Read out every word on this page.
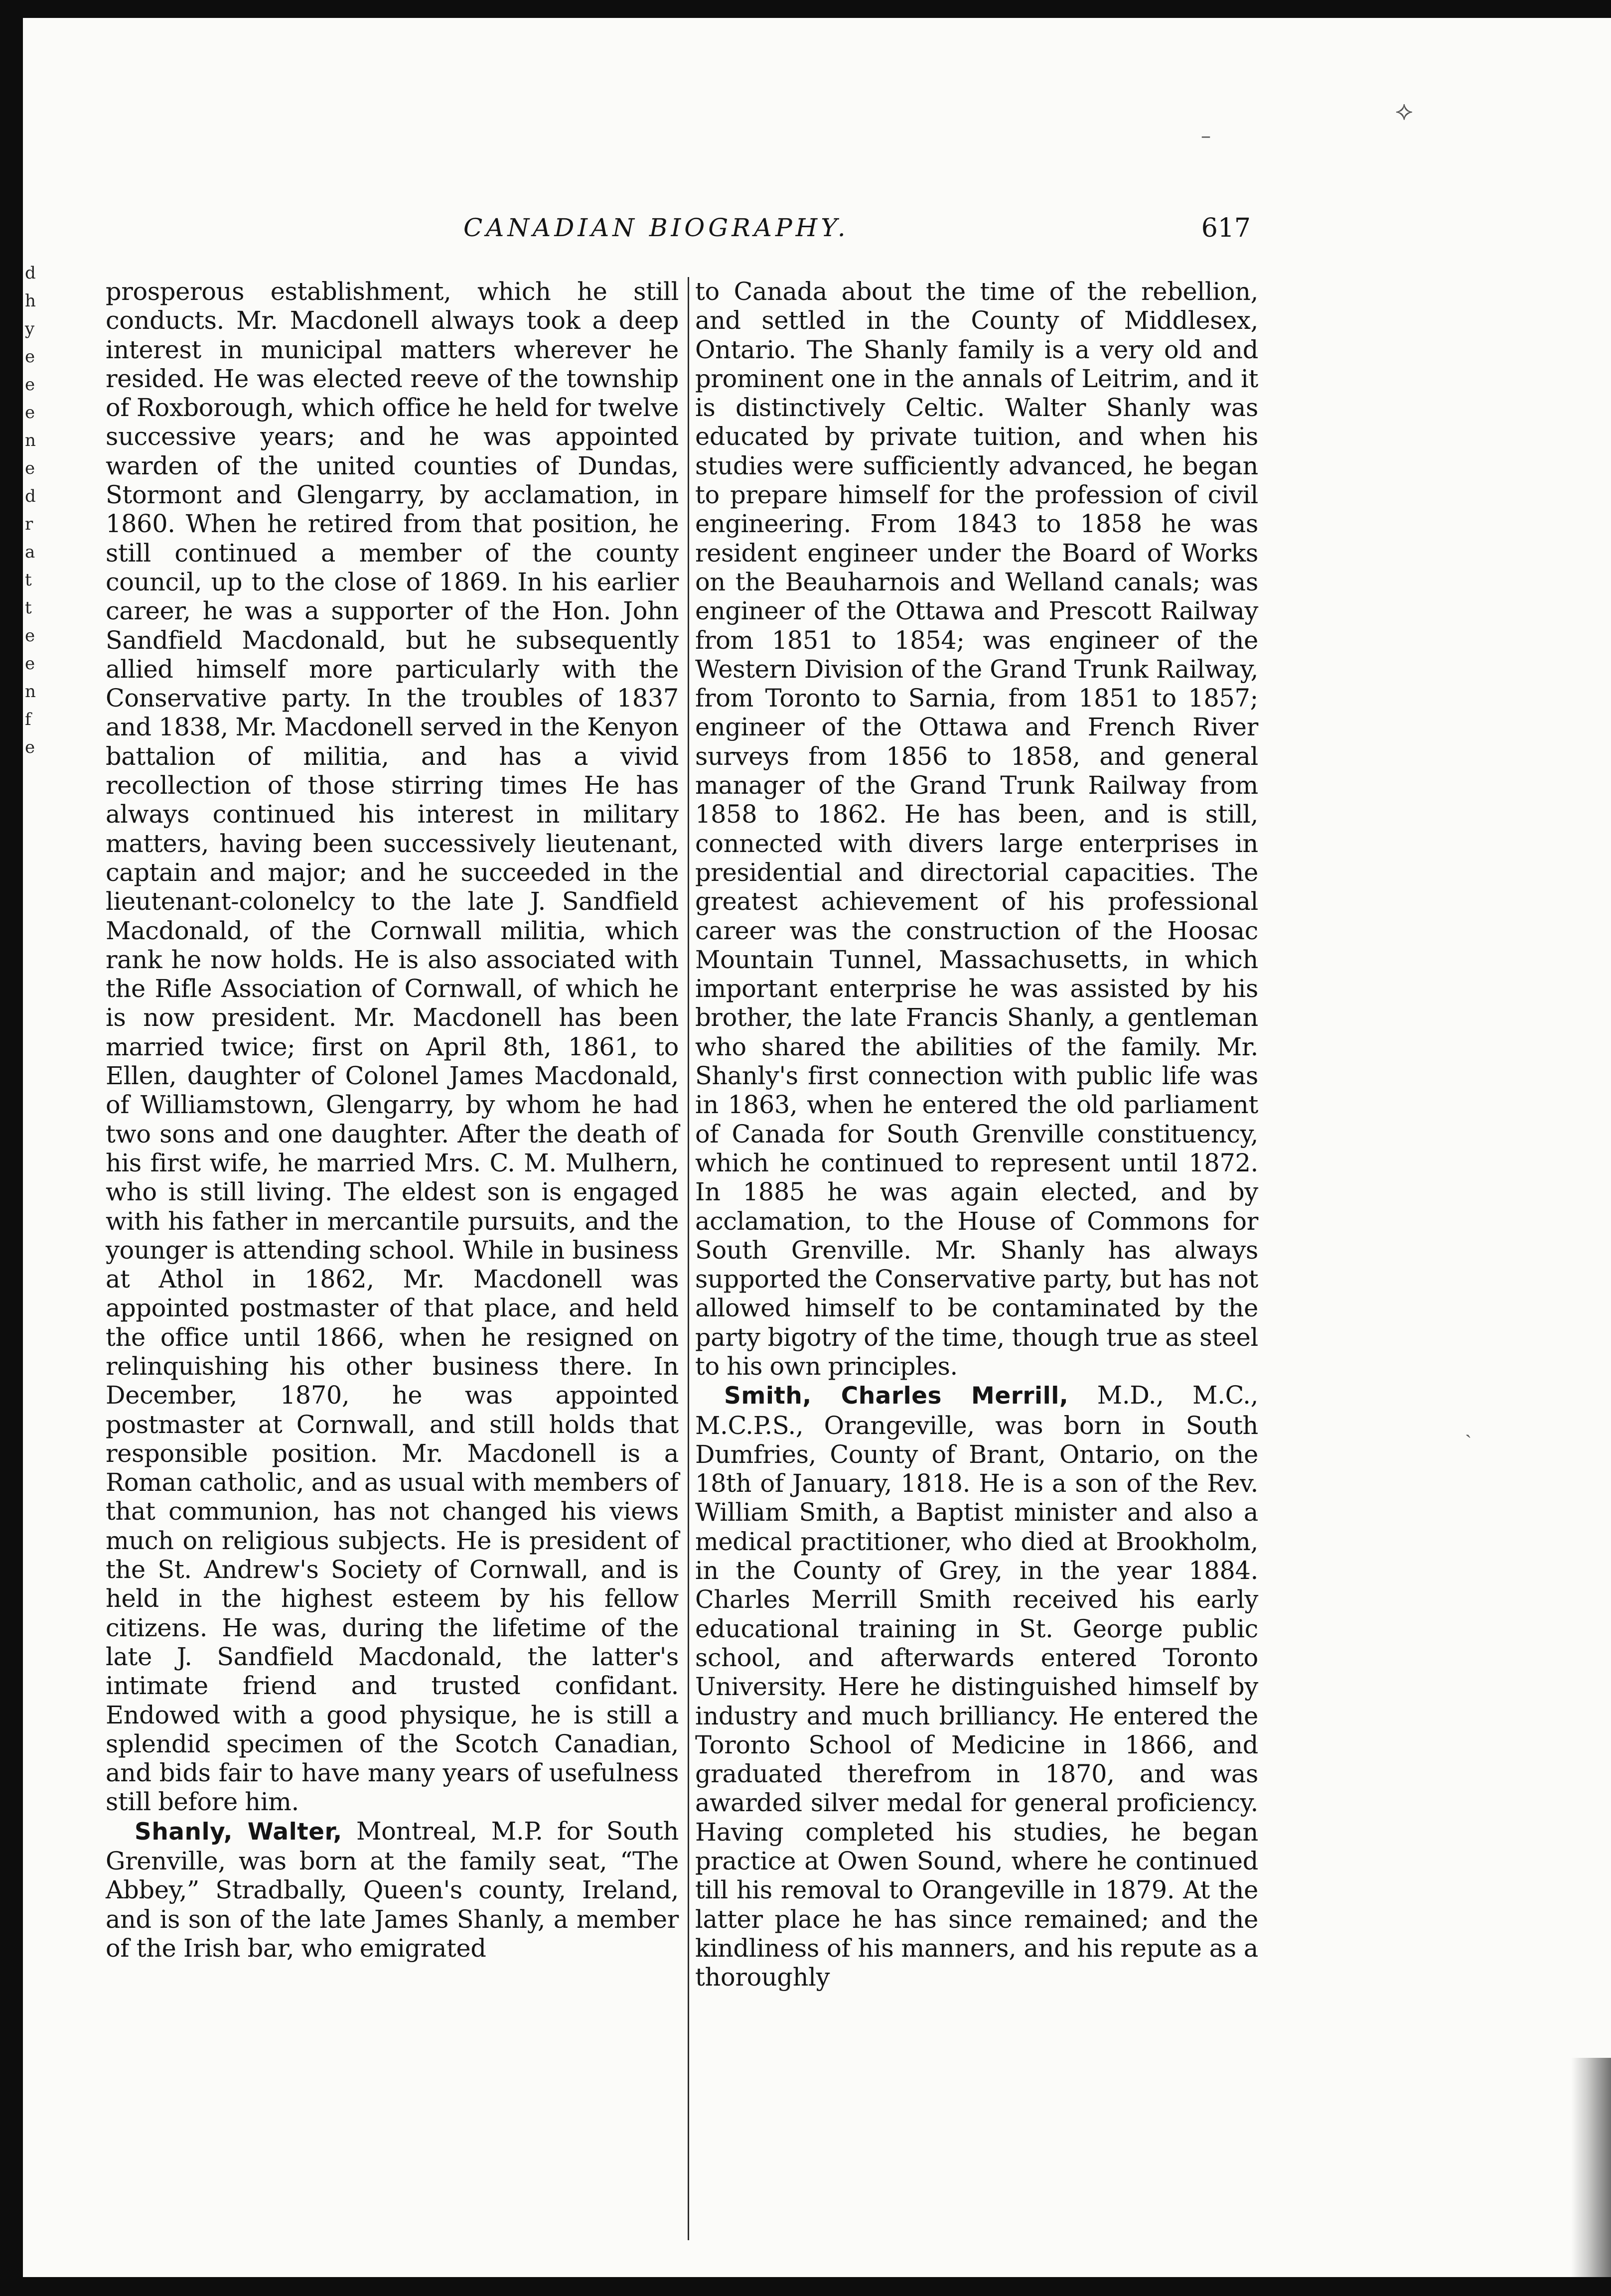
⟡
–
ˎ
d
h
y
e
e
e
n
e
d
r
a
t
t
e
e
n
f
e
CANADIAN BIOGRAPHY.	617

prosperous establishment, which he still conducts. Mr. Macdonell always took a deep interest in municipal matters wherever he resided. He was elected reeve of the township of Roxborough, which office he held for twelve successive years; and he was appointed warden of the united counties of Dundas, Stormont and Glengarry, by acclamation, in 1860. When he retired from that position, he still continued a member of the county council, up to the close of 1869. In his earlier career, he was a supporter of the Hon. John Sandfield Macdonald, but he subsequently allied himself more particularly with the Conservative party. In the troubles of 1837 and 1838, Mr. Macdonell served in the Kenyon battalion of militia, and has a vivid recollection of those stirring times He has always continued his interest in military matters, having been successively lieutenant, captain and major; and he succeeded in the lieutenant-colonelcy to the late J. Sandfield Macdonald, of the Cornwall militia, which rank he now holds. He is also associated with the Rifle Association of Cornwall, of which he is now president. Mr. Macdonell has been married twice; first on April 8th, 1861, to Ellen, daughter of Colonel James Macdonald, of Williamstown, Glengarry, by whom he had two sons and one daughter. After the death of his first wife, he married Mrs. C. M. Mulhern, who is still living. The eldest son is engaged with his father in mercantile pursuits, and the younger is attending school. While in business at Athol in 1862, Mr. Macdonell was appointed postmaster of that place, and held the office until 1866, when he resigned on relinquishing his other business there. In December, 1870, he was appointed postmaster at Cornwall, and still holds that responsible position. Mr. Macdonell is a Roman catholic, and as usual with members of that communion, has not changed his views much on religious subjects. He is president of the St. Andrew's Society of Cornwall, and is held in the highest esteem by his fellow citizens. He was, during the lifetime of the late J. Sandfield Macdonald, the latter's intimate friend and trusted confidant. Endowed with a good physique, he is still a splendid specimen of the Scotch Canadian, and bids fair to have many years of usefulness still before him.

Shanly, Walter, Montreal, M.P. for South Grenville, was born at the family seat, “The Abbey,” Stradbally, Queen's county, Ireland, and is son of the late James Shanly, a member of the Irish bar, who emigrated

to Canada about the time of the rebellion, and settled in the County of Middlesex, Ontario. The Shanly family is a very old and prominent one in the annals of Leitrim, and it is distinctively Celtic. Walter Shanly was educated by private tuition, and when his studies were sufficiently advanced, he began to prepare himself for the profession of civil engineering. From 1843 to 1858 he was resident engineer under the Board of Works on the Beauharnois and Welland canals; was engineer of the Ottawa and Prescott Railway from 1851 to 1854; was engineer of the Western Division of the Grand Trunk Railway, from Toronto to Sarnia, from 1851 to 1857; engineer of the Ottawa and French River surveys from 1856 to 1858, and general manager of the Grand Trunk Railway from 1858 to 1862. He has been, and is still, connected with divers large enterprises in presidential and directorial capacities. The greatest achievement of his professional career was the construction of the Hoosac Mountain Tunnel, Massachusetts, in which important enterprise he was assisted by his brother, the late Francis Shanly, a gentleman who shared the abilities of the family. Mr. Shanly's first connection with public life was in 1863, when he entered the old parliament of Canada for South Grenville constituency, which he continued to represent until 1872. In 1885 he was again elected, and by acclamation, to the House of Commons for South Grenville. Mr. Shanly has always supported the Conservative party, but has not allowed himself to be contaminated by the party bigotry of the time, though true as steel to his own principles.

Smith, Charles Merrill, M.D., M.C., M.C.P.S., Orangeville, was born in South Dumfries, County of Brant, Ontario, on the 18th of January, 1818. He is a son of the Rev. William Smith, a Baptist minister and also a medical practitioner, who died at Brookholm, in the County of Grey, in the year 1884. Charles Merrill Smith received his early educational training in St. George public school, and afterwards entered Toronto University. Here he distinguished himself by industry and much brilliancy. He entered the Toronto School of Medicine in 1866, and graduated therefrom in 1870, and was awarded silver medal for general proficiency. Having completed his studies, he began practice at Owen Sound, where he continued till his removal to Orangeville in 1879. At the latter place he has since remained; and the kindliness of his manners, and his repute as a thoroughly
